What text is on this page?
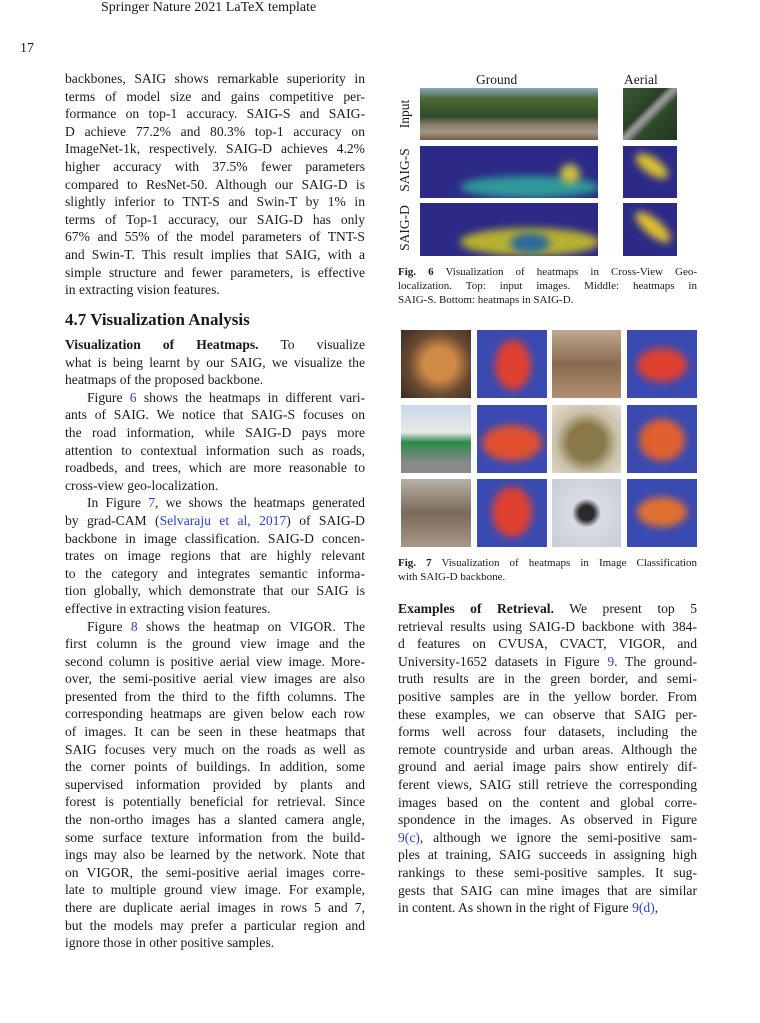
Springer Nature 2021 LaTeX template
17
backbones, SAIG shows remarkable superiority in
terms of model size and gains competitive per-
formance on top-1 accuracy. SAIG-S and SAIG-
D achieve 77.2% and 80.3% top-1 accuracy on
ImageNet-1k, respectively. SAIG-D achieves 4.2%
higher accuracy with 37.5% fewer parameters
compared to ResNet-50. Although our SAIG-D is
slightly inferior to TNT-S and Swin-T by 1% in
terms of Top-1 accuracy, our SAIG-D has only
67% and 55% of the model parameters of TNT-S
and Swin-T. This result implies that SAIG, with a
simple structure and fewer parameters, is effective
in extracting vision features.
4.7 Visualization Analysis
Visualization of Heatmaps. To visualize
what is being learnt by our SAIG, we visualize the
heatmaps of the proposed backbone.
Figure 6 shows the heatmaps in different vari-
ants of SAIG. We notice that SAIG-S focuses on
the road information, while SAIG-D pays more
attention to contextual information such as roads,
roadbeds, and trees, which are more reasonable to
cross-view geo-localization.
In Figure 7, we shows the heatmaps generated
by grad-CAM (Selvaraju et al, 2017) of SAIG-D
backbone in image classification. SAIG-D concen-
trates on image regions that are highly relevant
to the category and integrates semantic informa-
tion globally, which demonstrate that our SAIG is
effective in extracting vision features.
Figure 8 shows the heatmap on VIGOR. The
first column is the ground view image and the
second column is positive aerial view image. More-
over, the semi-positive aerial view images are also
presented from the third to the fifth columns. The
corresponding heatmaps are given below each row
of images. It can be seen in these heatmaps that
SAIG focuses very much on the roads as well as
the corner points of buildings. In addition, some
supervised information provided by plants and
forest is potentially beneficial for retrieval. Since
the non-ortho images has a slanted camera angle,
some surface texture information from the build-
ings may also be learned by the network. Note that
on VIGOR, the semi-positive aerial images corre-
late to multiple ground view image. For example,
there are duplicate aerial images in rows 5 and 7,
but the models may prefer a particular region and
ignore those in other positive samples.
Ground	Aerial
Input
SAIG-S
SAIG-D
Fig. 6 Visualization of heatmaps in Cross-View Geo-
localization. Top: input images. Middle: heatmaps in
SAIG-S. Bottom: heatmaps in SAIG-D.
Fig. 7 Visualization of heatmaps in Image Classification
with SAIG-D backbone.
Examples of Retrieval. We present top 5
retrieval results using SAIG-D backbone with 384-
d features on CVUSA, CVACT, VIGOR, and
University-1652 datasets in Figure 9. The ground-
truth results are in the green border, and semi-
positive samples are in the yellow border. From
these examples, we can observe that SAIG per-
forms well across four datasets, including the
remote countryside and urban areas. Although the
ground and aerial image pairs show entirely dif-
ferent views, SAIG still retrieve the corresponding
images based on the content and global corre-
spondence in the images. As observed in Figure
9(c), although we ignore the semi-positive sam-
ples at training, SAIG succeeds in assigning high
rankings to these semi-positive samples. It sug-
gests that SAIG can mine images that are similar
in content. As shown in the right of Figure 9(d),
